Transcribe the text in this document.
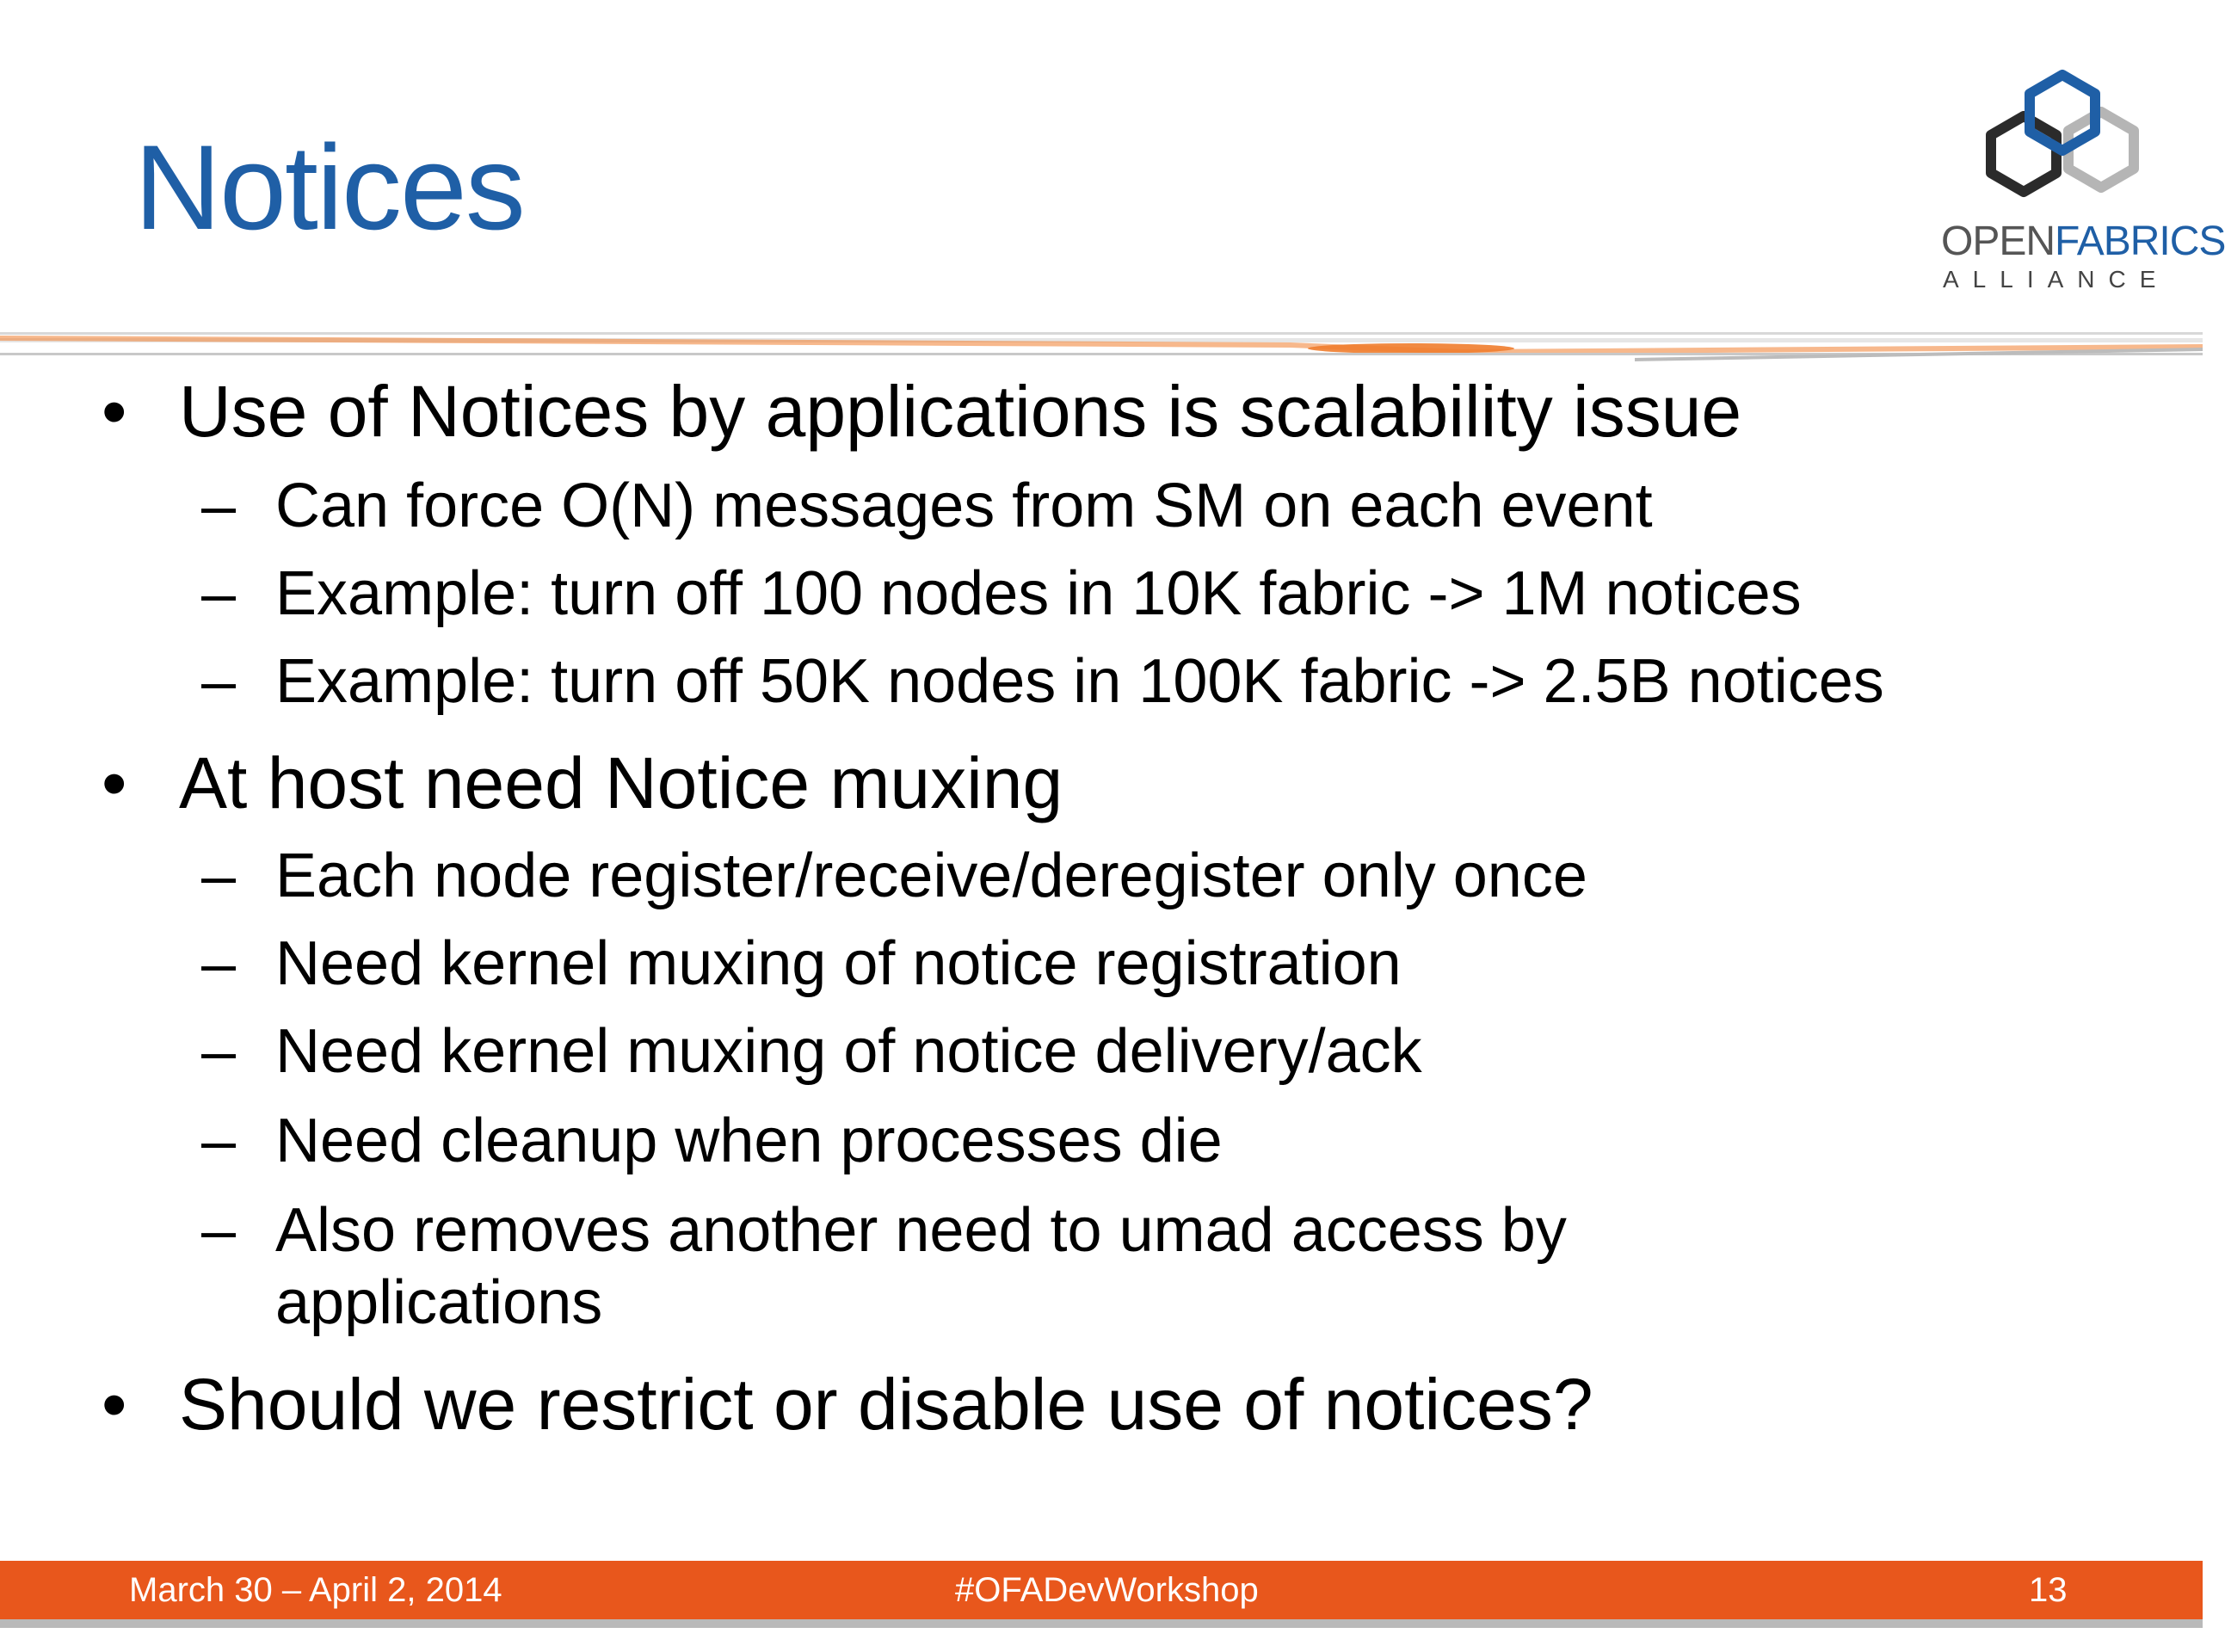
Notices	OPENFABRICS
ALLIANCE
• Use of Notices by applications is scalability issue
– Can force O(N) messages from SM on each event
– Example: turn off 100 nodes in 10K fabric -> 1M notices
– Example: turn off 50K nodes in 100K fabric -> 2.5B notices
• At host need Notice muxing
– Each node register/receive/deregister only once
– Need kernel muxing of notice registration
– Need kernel muxing of notice delivery/ack
– Need cleanup when processes die
– Also removes another need to umad access by
applications
• Should we restrict or disable use of notices?
March 30 – April 2, 2014	#OFADevWorkshop	13
